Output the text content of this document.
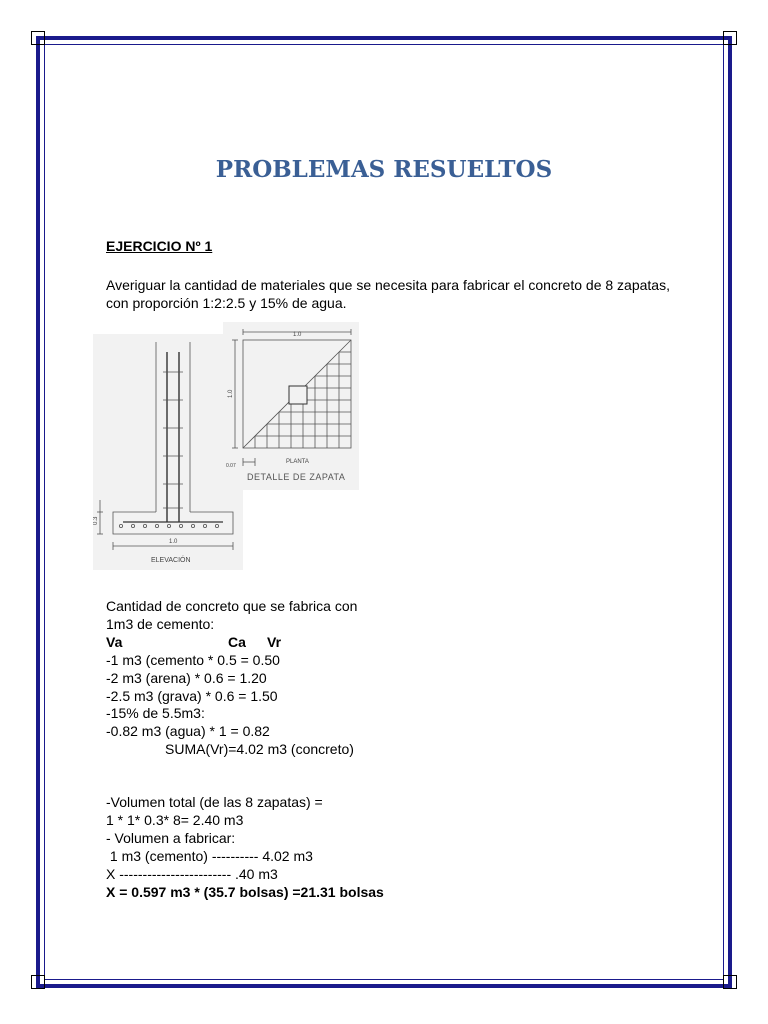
PROBLEMAS RESUELTOS
EJERCICIO Nº 1
Averiguar la cantidad de materiales que se necesita para fabricar el concreto de 8 zapatas, con proporción 1:2:2.5 y 15% de agua.
0.3
1.0
ELEVACIÓN
1.0
1.0
0.07
PLANTA
DETALLE DE ZAPATA
Cantidad de concreto que se fabrica con
1m3 de cemento:
Va	Ca Vr
-1 m3 (cemento * 0.5 = 0.50
-2 m3 (arena) * 0.6 = 1.20
-2.5 m3 (grava) * 0.6 = 1.50
-15% de 5.5m3:
-0.82 m3 (agua) * 1 = 0.82
SUMA(Vr)=4.02 m3 (concreto)
-Volumen total (de las 8 zapatas) =
1 * 1* 0.3* 8= 2.40 m3
- Volumen a fabricar:
1 m3 (cemento) ---------- 4.02 m3
X ------------------------ .40 m3
X = 0.597 m3 * (35.7 bolsas) =21.31 bolsas
